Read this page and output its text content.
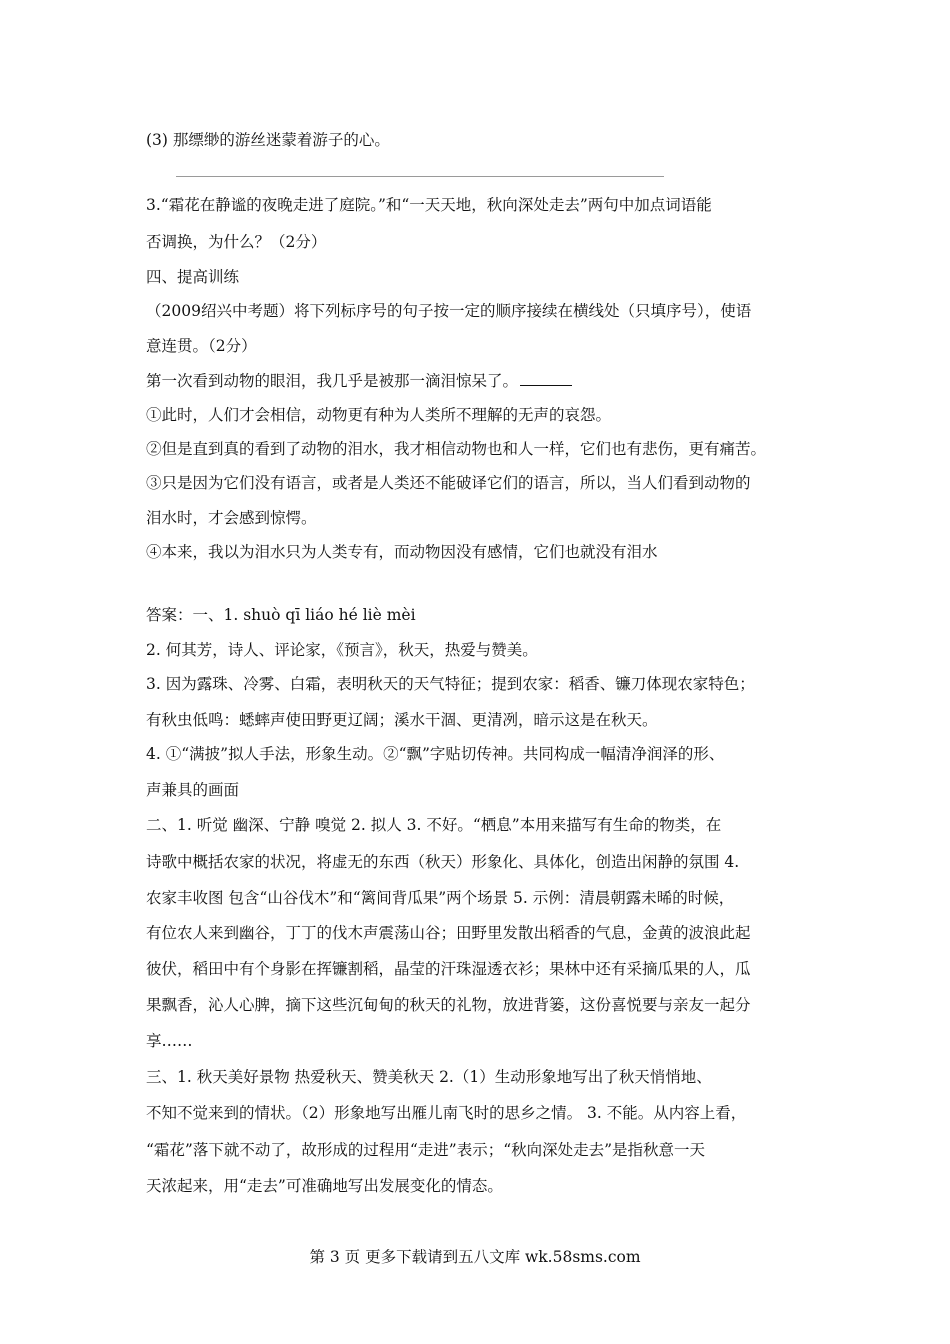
(3) 那缥缈的游丝迷蒙着游子的心。
3.“霜花在静谧的夜晚走进了庭院。”和“一天天地，秋向深处走去”两句中加点词语能
否调换，为什么？（2分）
四、提高训练
（2009绍兴中考题）将下列标序号的句子按一定的顺序接续在横线处（只填序号），使语
意连贯。（2分）
第一次看到动物的眼泪，我几乎是被那一滴泪惊呆了。
①此时，人们才会相信，动物更有种为人类所不理解的无声的哀怨。
②但是直到真的看到了动物的泪水，我才相信动物也和人一样，它们也有悲伤，更有痛苦。
③只是因为它们没有语言，或者是人类还不能破译它们的语言，所以，当人们看到动物的
泪水时，才会感到惊愕。
④本来，我以为泪水只为人类专有，而动物因没有感情，它们也就没有泪水
答案：一、1. shuò qī liáo hé liè mèi
2. 何其芳，诗人、评论家，《预言》，秋天，热爱与赞美。
3. 因为露珠、冷雾、白霜，表明秋天的天气特征；提到农家：稻香、镰刀体现农家特色；
有秋虫低鸣：蟋蟀声使田野更辽阔；溪水干涸、更清冽，暗示这是在秋天。
4. ①“满披”拟人手法，形象生动。②“飘”字贴切传神。共同构成一幅清净润泽的形、
声兼具的画面
二、1. 听觉 幽深、宁静 嗅觉 2. 拟人 3. 不好。“栖息”本用来描写有生命的物类，在
诗歌中概括农家的状况，将虚无的东西（秋天）形象化、具体化，创造出闲静的氛围 4.
农家丰收图 包含“山谷伐木”和“篱间背瓜果”两个场景 5. 示例：清晨朝露未晞的时候，
有位农人来到幽谷，丁丁的伐木声震荡山谷；田野里发散出稻香的气息，金黄的波浪此起
彼伏，稻田中有个身影在挥镰割稻，晶莹的汗珠湿透衣衫；果林中还有采摘瓜果的人，瓜
果飘香，沁人心脾，摘下这些沉甸甸的秋天的礼物，放进背篓，这份喜悦要与亲友一起分
享……
三、1. 秋天美好景物 热爱秋天、赞美秋天 2.（1）生动形象地写出了秋天悄悄地、
不知不觉来到的情状。（2）形象地写出雁儿南飞时的思乡之情。 3. 不能。从内容上看，
“霜花”落下就不动了，故形成的过程用“走进”表示；“秋向深处走去”是指秋意一天
天浓起来，用“走去”可准确地写出发展变化的情态。
第 3 页 更多下载请到五八文库 wk.58sms.com
